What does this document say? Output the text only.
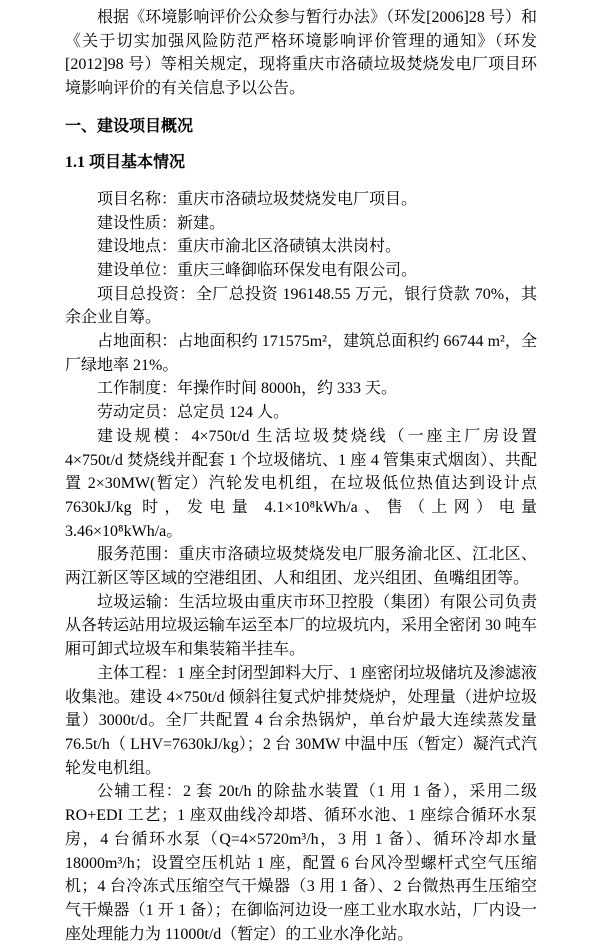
根据《环境影响评价公众参与暂行办法》（环发[2006]28 号）和《关于切实加强风险防范严格环境影响评价管理的通知》（环发[2012]98 号）等相关规定，现将重庆市洛碛垃圾焚烧发电厂项目环境影响评价的有关信息予以公告。

一、建设项目概况

1.1 项目基本情况

项目名称：重庆市洛碛垃圾焚烧发电厂项目。

建设性质：新建。

建设地点：重庆市渝北区洛碛镇太洪岗村。

建设单位：重庆三峰御临环保发电有限公司。

项目总投资：全厂总投资 196148.55 万元，银行贷款 70%，其余企业自筹。

占地面积：占地面积约 171575m²，建筑总面积约 66744 m²，全厂绿地率 21%。

工作制度：年操作时间 8000h，约 333 天。

劳动定员：总定员 124 人。

建设规模：4×750t/d 生活垃圾焚烧线（一座主厂房设置 4×750t/d 焚烧线并配套 1 个垃圾储坑、1 座 4 管集束式烟囱）、共配置 2×30MW(暂定）汽轮发电机组，在垃圾低位热值达到设计点 7630kJ/kg 时，发电量 4.1×10⁸kWh/a、售（上网）电量 3.46×10⁸kWh/a。

服务范围：重庆市洛碛垃圾焚烧发电厂服务渝北区、江北区、两江新区等区域的空港组团、人和组团、龙兴组团、鱼嘴组团等。

垃圾运输：生活垃圾由重庆市环卫控股（集团）有限公司负责从各转运站用垃圾运输车运至本厂的垃圾坑内，采用全密闭 30 吨车厢可卸式垃圾车和集装箱半挂车。

主体工程：1 座全封闭型卸料大厅、1 座密闭垃圾储坑及渗滤液收集池。建设 4×750t/d 倾斜往复式炉排焚烧炉，处理量（进炉垃圾量）3000t/d。全厂共配置 4 台余热锅炉，单台炉最大连续蒸发量 76.5t/h（ LHV=7630kJ/kg）；2 台 30MW 中温中压（暂定）凝汽式汽轮发电机组。

公辅工程：2 套 20t/h 的除盐水装置（1 用 1 备），采用二级 RO+EDI 工艺；1 座双曲线冷却塔、循环水池、1 座综合循环水泵房，4 台循环水泵（Q=4×5720m³/h，3 用 1 备）、循环冷却水量 18000m³/h；设置空压机站 1 座，配置 6 台风冷型螺杆式空气压缩机；4 台冷冻式压缩空气干燥器（3 用 1 备）、2 台微热再生压缩空气干燥器（1 开 1 备）；在御临河边设一座工业水取水站，厂内设一座处理能力为 11000t/d（暂定）的工业水净化站。
